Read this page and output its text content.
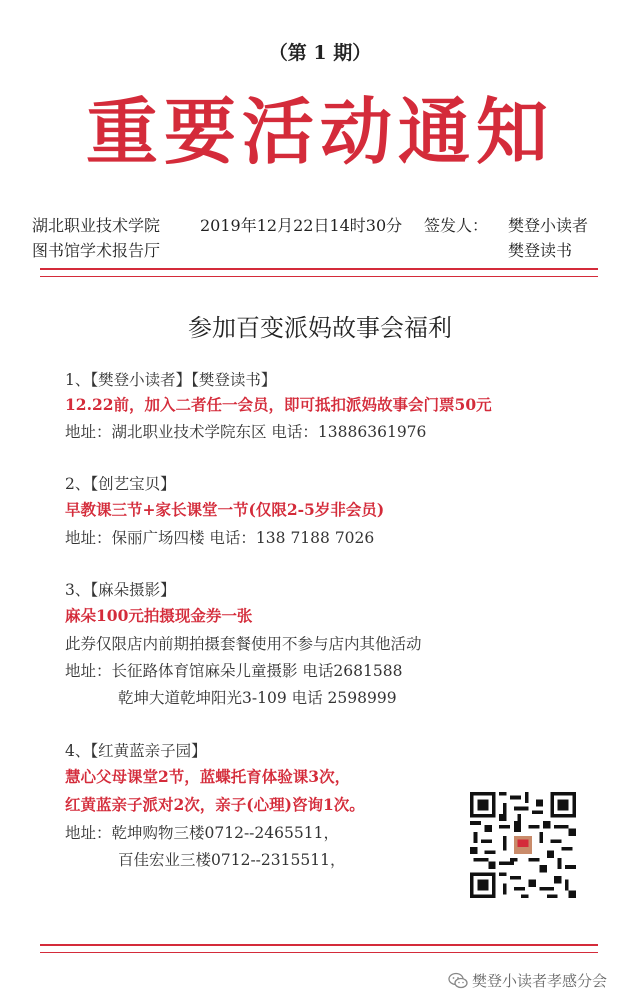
（第 1 期）
重要活动通知
湖北职业技术学院 2019年12月22日14时30分 签发人： 樊登小读者
图书馆学术报告厅	樊登读书
参加百变派妈故事会福利
1、【樊登小读者】【樊登读书】
12.22前，加入二者任一会员，即可抵扣派妈故事会门票50元
地址：湖北职业技术学院东区 电话：13886361976
2、【创艺宝贝】
早教课三节+家长课堂一节(仅限2-5岁非会员)
地址：保丽广场四楼 电话：138 7188 7026
3、【麻朵摄影】
麻朵100元拍摄现金券一张
此券仅限店内前期拍摄套餐使用不参与店内其他活动
地址：长征路体育馆麻朵儿童摄影 电话2681588
乾坤大道乾坤阳光3-109 电话 2598999
4、【红黄蓝亲子园】
慧心父母课堂2节，蓝蝶托育体验课3次，
红黄蓝亲子派对2次，亲子(心理)咨询1次。
地址：乾坤购物三楼0712--2465511，
百佳宏业三楼0712--2315511，
樊登小读者孝感分会
